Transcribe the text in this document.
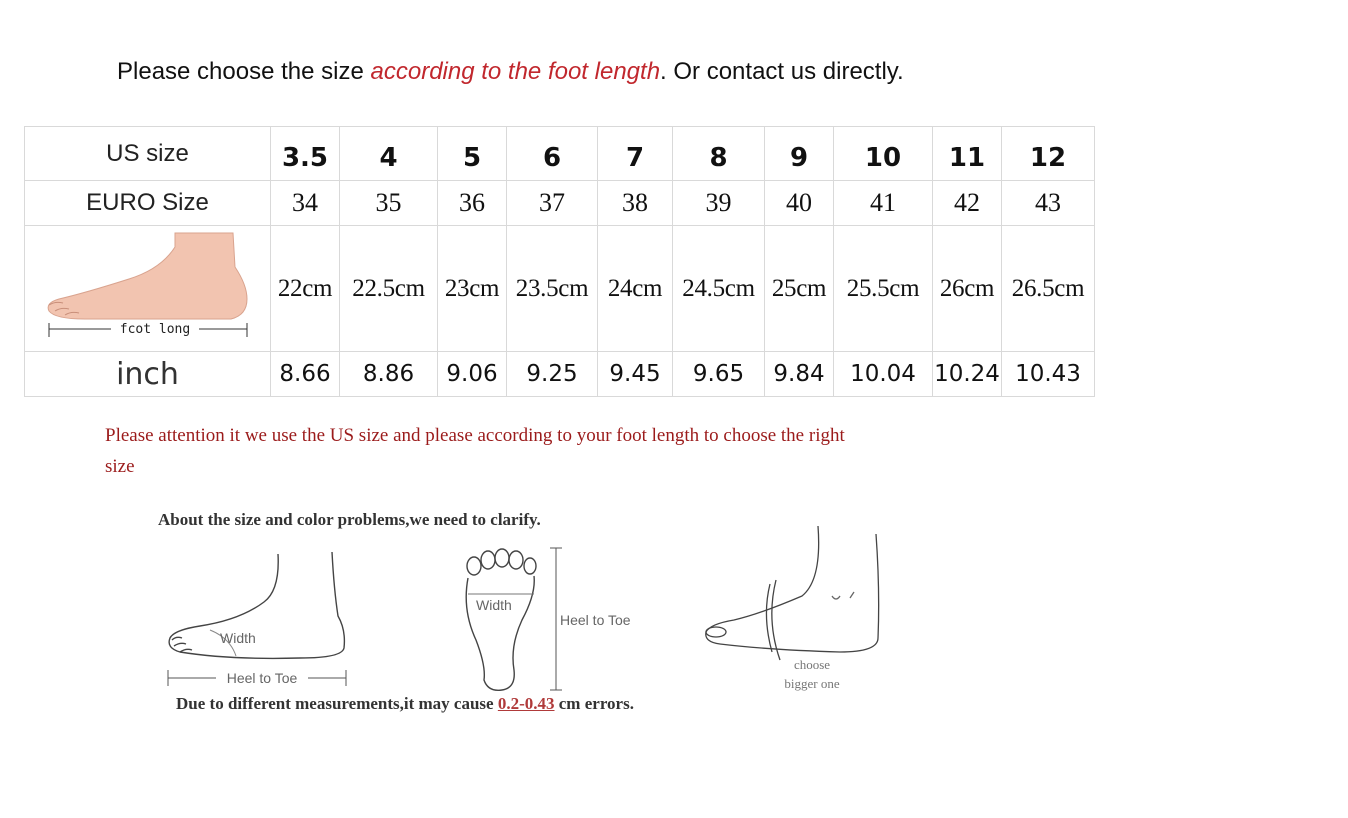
Please choose the size according to the foot length. Or contact us directly.
US size	3.5	4	5	6	7	8	9	10	11	12
EURO Size	34	35	36	37	38	39	40	41	42	43

fcot long	22cm	22.5cm	23cm	23.5cm	24cm	24.5cm	25cm	25.5cm	26cm	26.5cm
inch	8.66	8.86	9.06	9.25	9.45	9.65	9.84	10.04	10.24	10.43
Please attention it we use the US size and please according to your foot length to choose the right
size
About the size and color problems,we need to clarify.
Width
Heel to Toe
Width
Heel to Toe
choose
bigger one
Due to different measurements,it may cause 0.2-0.43 cm errors.
